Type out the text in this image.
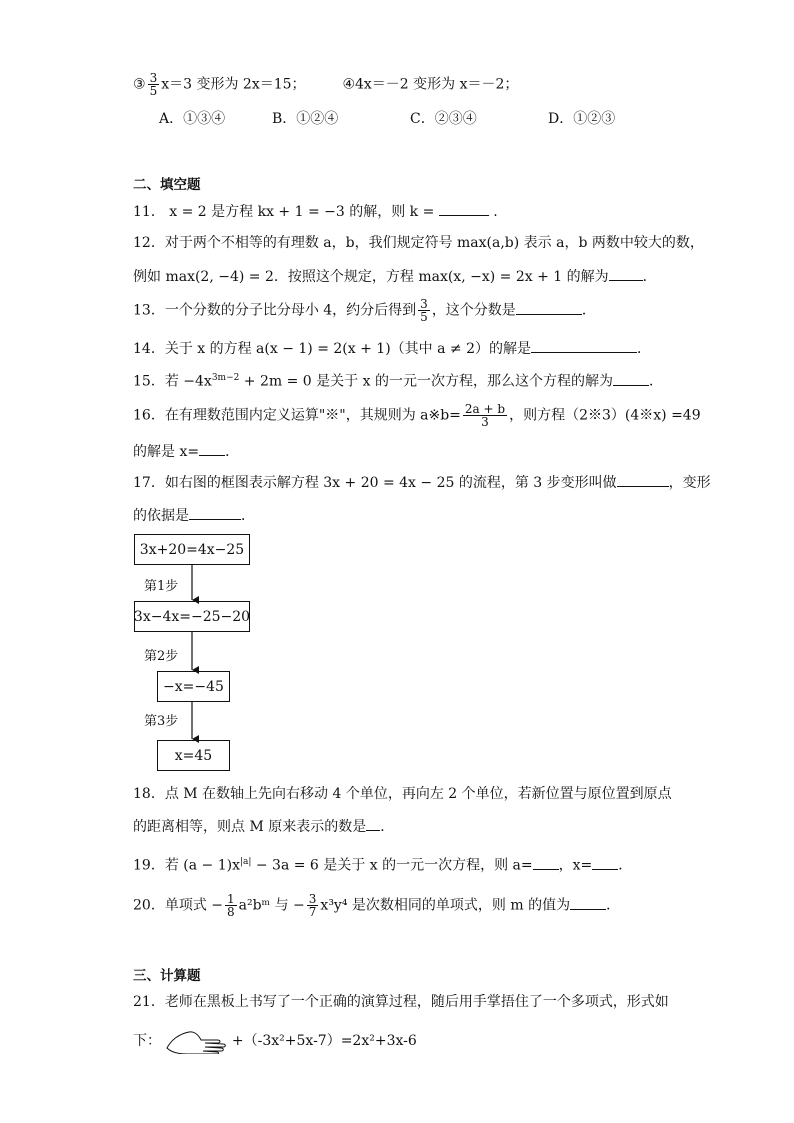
③ $\frac{3}{5} x=3$ 变形为 2x＝15；	④4x＝－2 变形为 x＝－2；
A．①③④	B．①②④	C．②③④	D．①②③
二、填空题
11． x = 2 是方程 kx + 1 = −3 的解，则 k =	.
12．对于两个不相等的有理数 a，b，我们规定符号 max(a,b) 表示 a，b 两数中较大的数，
例如 max(2, −4) = 2．按照这个规定，方程 max(x, −x) = 2x + 1 的解为 ．
13．一个分数的分子比分母小 4，约分后得到 $\frac{3}{5}$ ，这个分数是	．
14．关于 x 的方程 a(x − 1) = 2(x + 1)（其中 a ≠ 2）的解是	．
15．若 $-4x^{3m-2} + 2m = 0$ 是关于 x 的一元一次方程，那么这个方程的解为	．
16．在有理数范围内定义运算"※"，其规则为 a※b= $\frac{2a + b}{3}$ ，则方程（2※3）(4※x) =49
的解是 x= ．
17．如右图的框图表示解方程 3x + 20 = 4x − 25 的流程，第 3 步变形叫做	，变形
的依据是	．
3x+20=4x−25
3x−4x=−25−20
−x=−45
x=45
第1步
第2步
第3步
18．点 M 在数轴上先向右移动 4 个单位，再向左 2 个单位，若新位置与原位置到原点
的距离相等，则点 M 原来表示的数是 ．
19．若 $(a - 1)x^{|a|} - 3a = 6$ 是关于 x 的一元一次方程，则 a= ，x= ．
20．单项式 − $\frac{1}{8}$ a²bᵐ 与 − $\frac{3}{7} x^3y^4$ 是次数相同的单项式，则 m 的值为	．
三、计算题
21．老师在黑板上书写了一个正确的演算过程，随后用手掌捂住了一个多项式，形式如
下：	+（-3x²+5x-7）=2x²+3x-6
